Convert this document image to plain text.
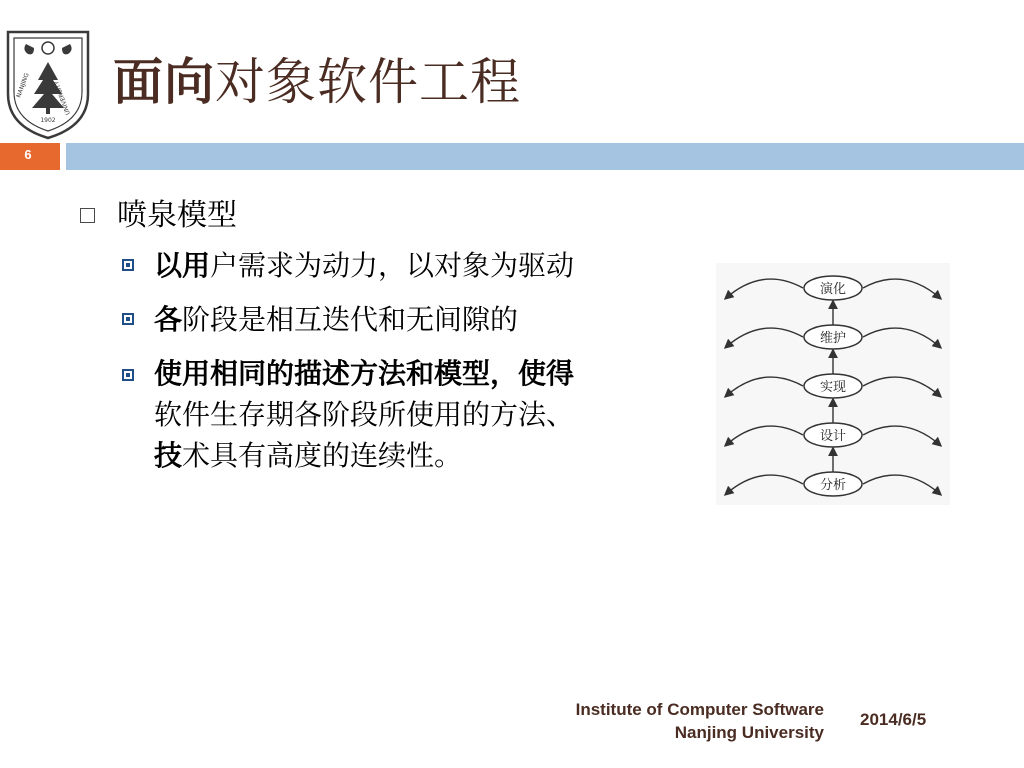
1902
NANJING	UNIVERSITY 面向对象软件工程
6
喷泉模型
以用户需求为动力，以对象为驱动
各阶段是相互迭代和无间隙的
使用相同的描述方法和模型，使得
软件生存期各阶段所使用的方法、
技术具有高度的连续性。
演化
维护
实现
设计
分析
Institute of Computer Software
Nanjing University
2014/6/5
